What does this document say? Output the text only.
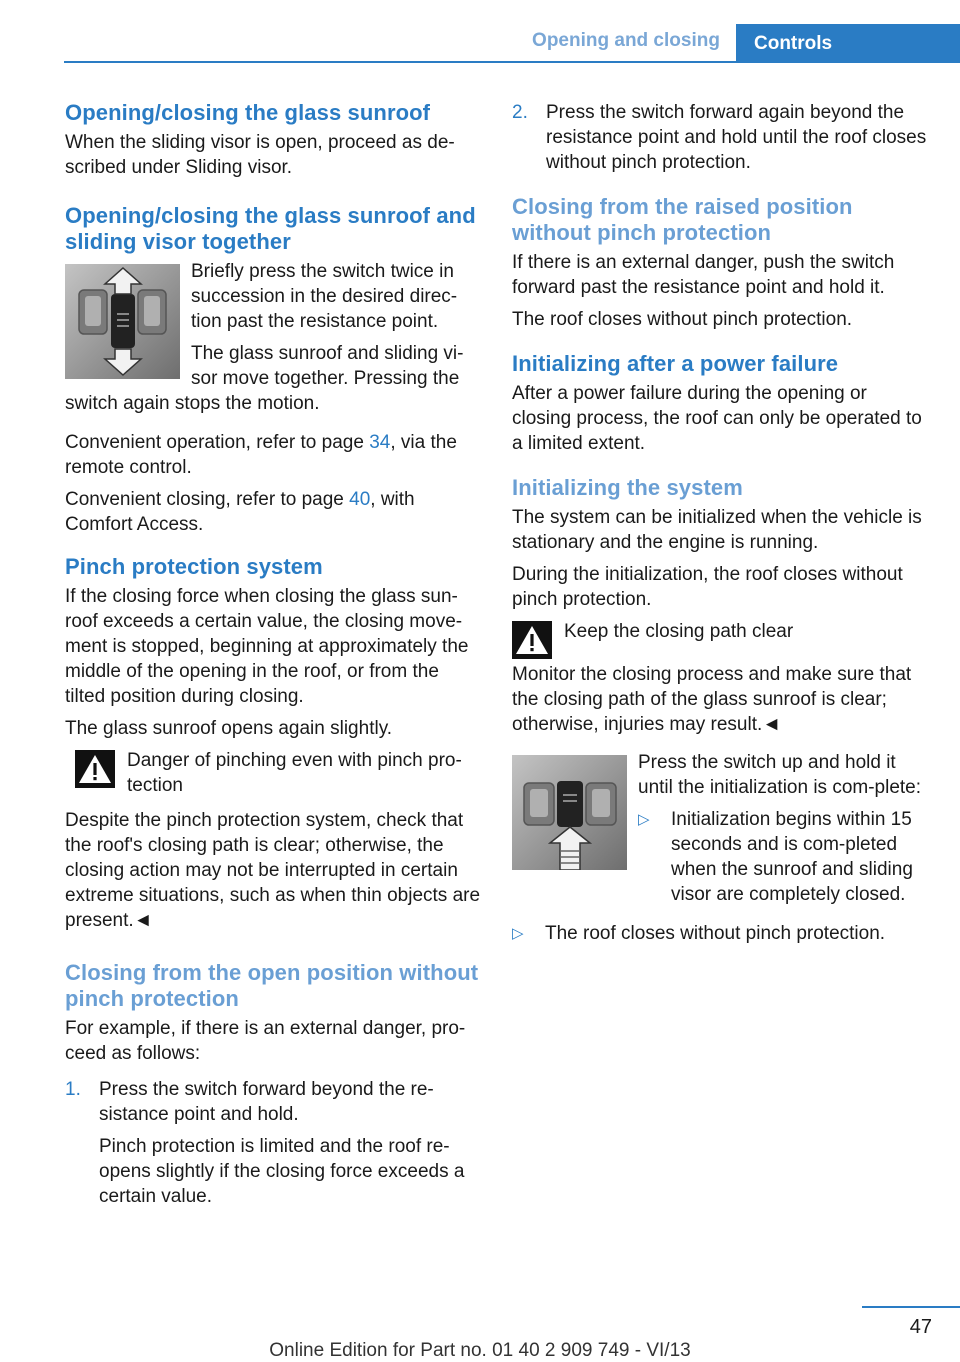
Opening and closing	Controls
Opening/closing the glass sunroof

When the sliding visor is open, proceed as de-scribed under Sliding visor.

Opening/closing the glass sunroof and sliding visor together

Briefly press the switch twice in succession in the desired direc-tion past the resistance point.

The glass sunroof and sliding vi-sor move together. Pressing the switch again stops the motion.

Convenient operation, refer to page 34, via the remote control.

Convenient closing, refer to page 40, with Comfort Access.

Pinch protection system

If the closing force when closing the glass sun-roof exceeds a certain value, the closing move-ment is stopped, beginning at approximately the middle of the opening in the roof, or from the tilted position during closing.

The glass sunroof opens again slightly.

Danger of pinching even with pinch pro-tection

Despite the pinch protection system, check that the roof's closing path is clear; otherwise, the closing action may not be interrupted in certain extreme situations, such as when thin objects are present.◄

Closing from the open position without pinch protection

For example, if there is an external danger, pro-ceed as follows:

1. Press the switch forward beyond the re-sistance point and hold.

Pinch protection is limited and the roof re-opens slightly if the closing force exceeds a certain value.

2. Press the switch forward again beyond the resistance point and hold until the roof closes without pinch protection.

Closing from the raised position without pinch protection

If there is an external danger, push the switch forward past the resistance point and hold it.

The roof closes without pinch protection.

Initializing after a power failure

After a power failure during the opening or closing process, the roof can only be operated to a limited extent.

Initializing the system

The system can be initialized when the vehicle is stationary and the engine is running.

During the initialization, the roof closes without pinch protection.

Keep the closing path clear

Monitor the closing process and make sure that the closing path of the glass sunroof is clear; otherwise, injuries may result.◄

Press the switch up and hold it until the initialization is com-plete:

▷	Initialization begins within 15 seconds and is com-pleted when the sunroof and sliding visor are completely closed.
▷	The roof closes without pinch protection.
47
Online Edition for Part no. 01 40 2 909 749 - VI/13
